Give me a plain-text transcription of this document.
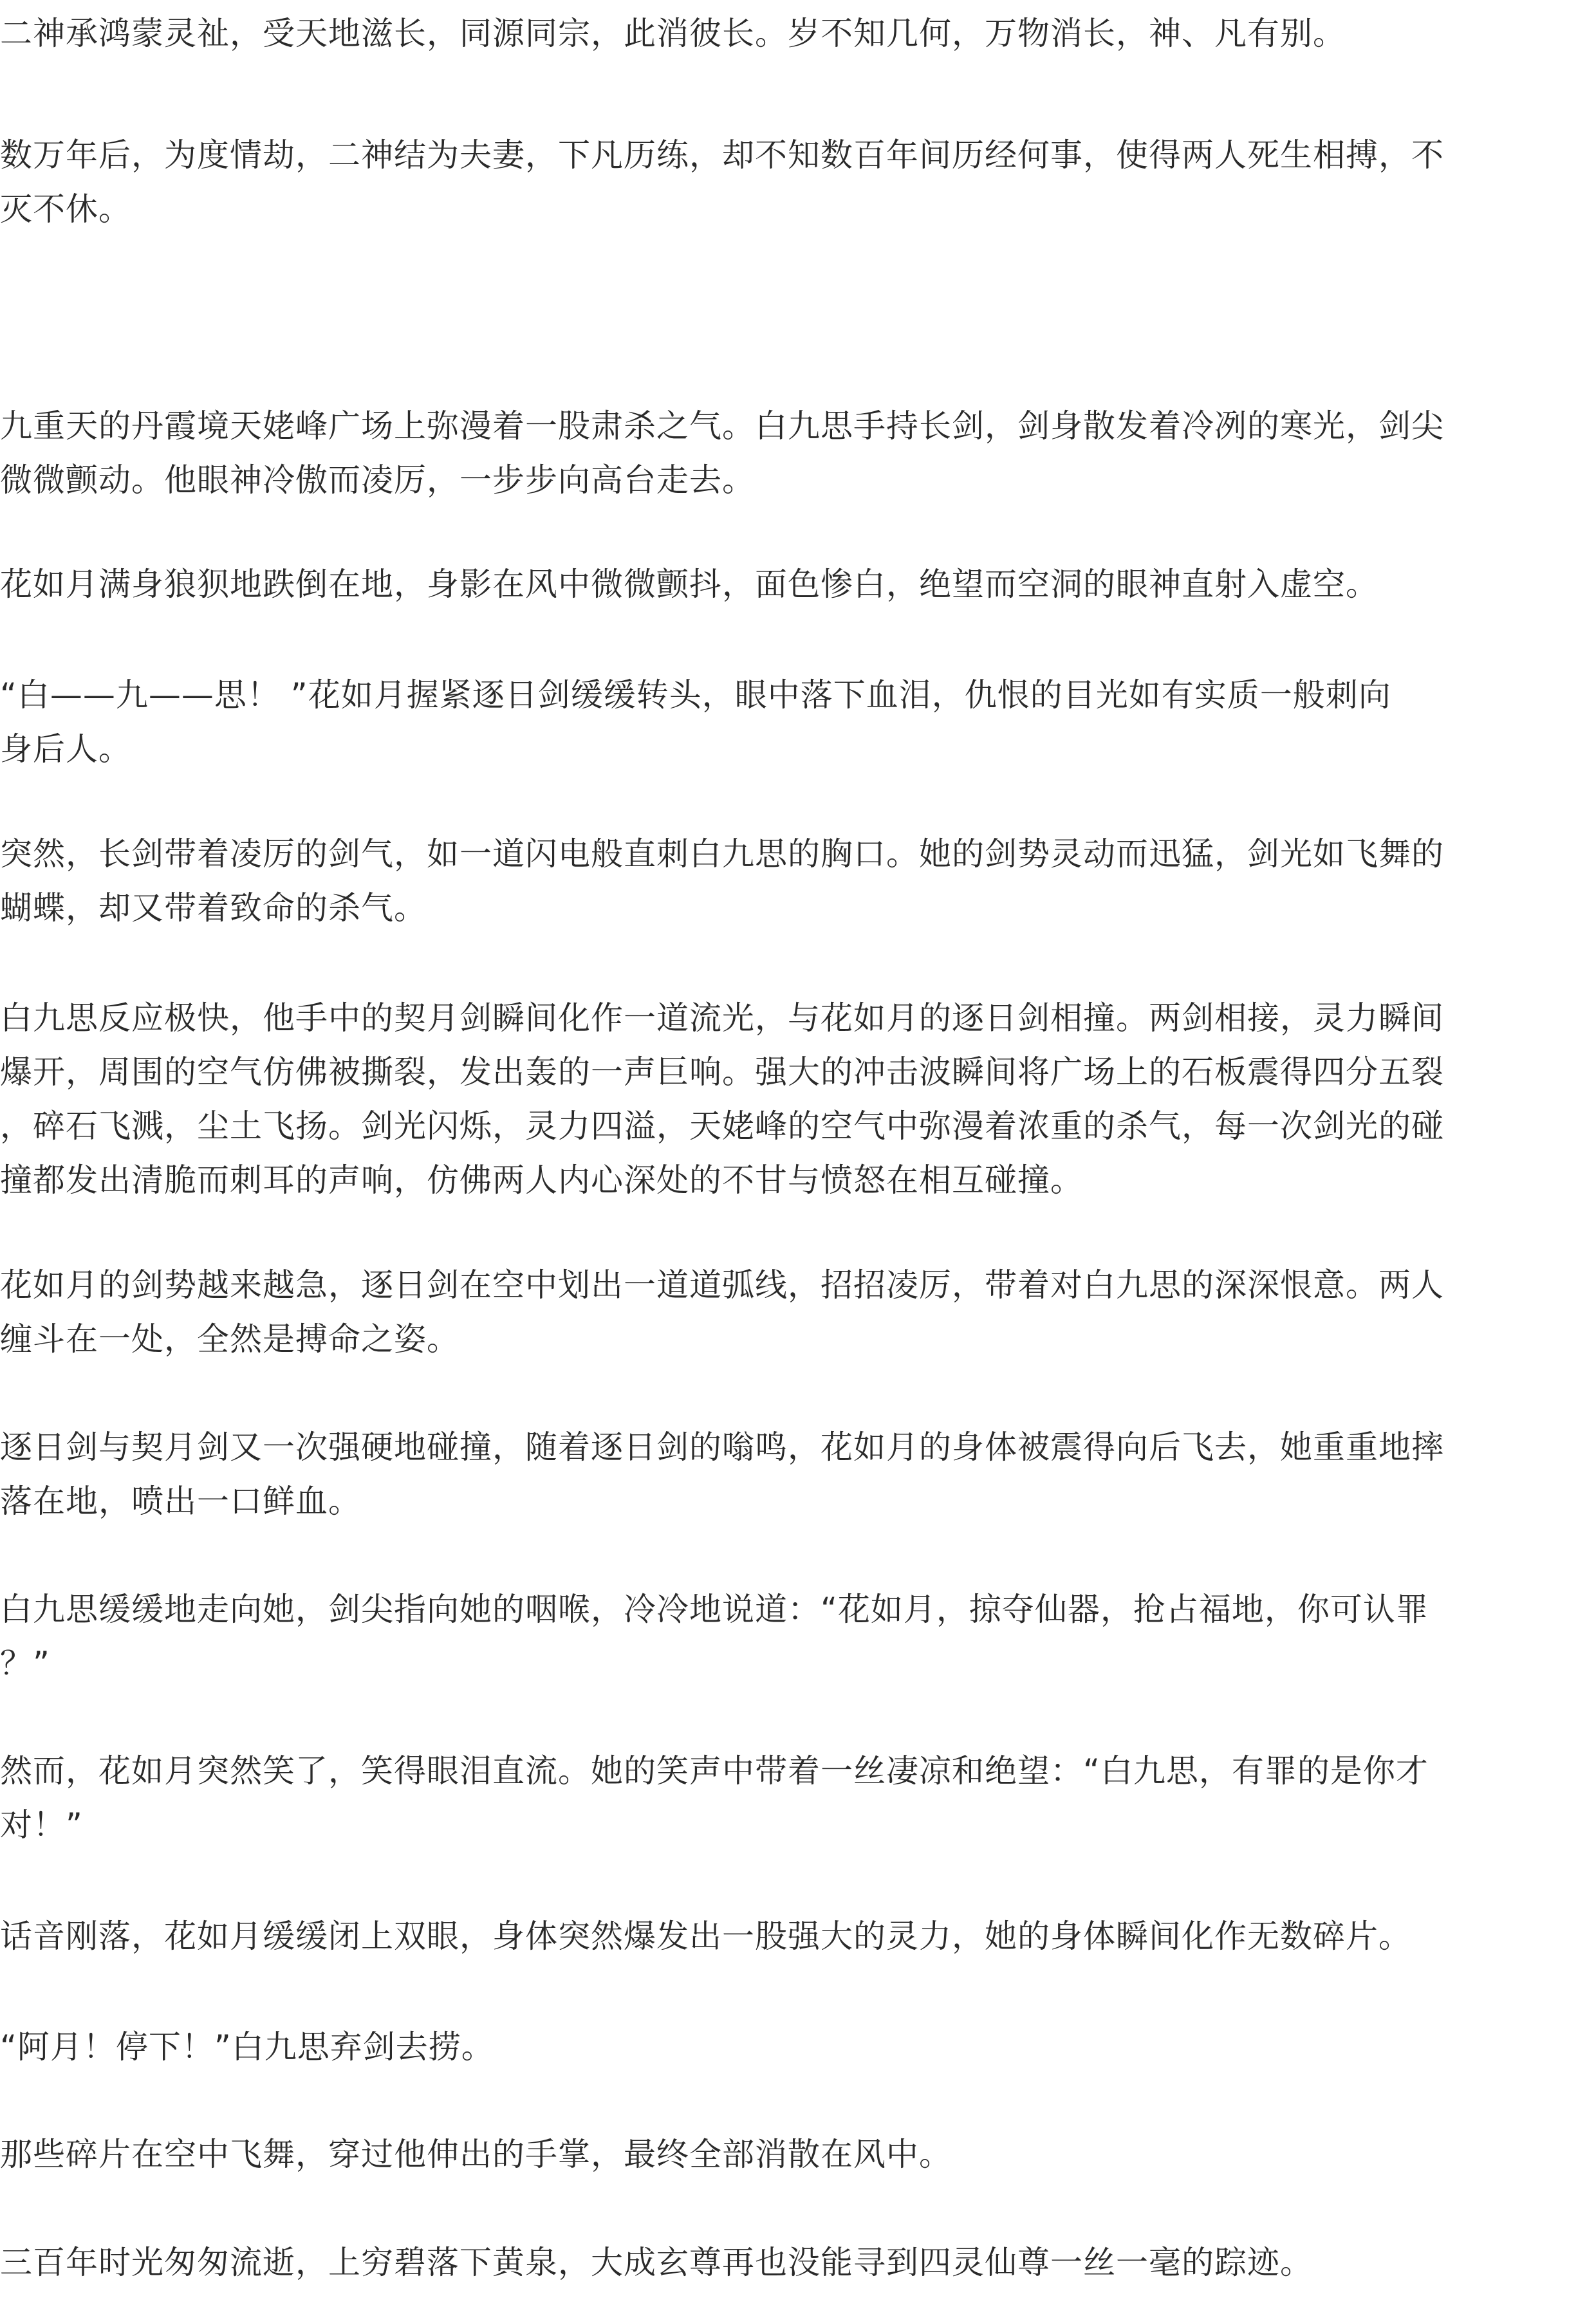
二神承鸿蒙灵祉，受天地滋长，同源同宗，此消彼长。岁不知几何，万物消长，神、凡有别。

数万年后，为度情劫，二神结为夫妻，下凡历练，却不知数百年间历经何事，使得两人死生相搏，不
灭不休。

九重天的丹霞境天姥峰广场上弥漫着一股肃杀之气。白九思手持长剑，剑身散发着冷冽的寒光，剑尖
微微颤动。他眼神冷傲而凌厉，一步步向高台走去。

花如月满身狼狈地跌倒在地，身影在风中微微颤抖，面色惨白，绝望而空洞的眼神直射入虚空。

“白——九——思！ ”花如月握紧逐日剑缓缓转头，眼中落下血泪，仇恨的目光如有实质一般刺向
身后人。

突然，长剑带着凌厉的剑气，如一道闪电般直刺白九思的胸口。她的剑势灵动而迅猛，剑光如飞舞的
蝴蝶，却又带着致命的杀气。

白九思反应极快，他手中的契月剑瞬间化作一道流光，与花如月的逐日剑相撞。两剑相接，灵力瞬间
爆开，周围的空气仿佛被撕裂，发出轰的一声巨响。强大的冲击波瞬间将广场上的石板震得四分五裂
，碎石飞溅，尘土飞扬。剑光闪烁，灵力四溢，天姥峰的空气中弥漫着浓重的杀气，每一次剑光的碰
撞都发出清脆而刺耳的声响，仿佛两人内心深处的不甘与愤怒在相互碰撞。

花如月的剑势越来越急，逐日剑在空中划出一道道弧线，招招凌厉，带着对白九思的深深恨意。两人
缠斗在一处，全然是搏命之姿。

逐日剑与契月剑又一次强硬地碰撞，随着逐日剑的嗡鸣，花如月的身体被震得向后飞去，她重重地摔
落在地，喷出一口鲜血。

白九思缓缓地走向她，剑尖指向她的咽喉，冷冷地说道：“花如月，掠夺仙器，抢占福地，你可认罪
？”

然而，花如月突然笑了，笑得眼泪直流。她的笑声中带着一丝凄凉和绝望：“白九思，有罪的是你才
对！”

话音刚落，花如月缓缓闭上双眼，身体突然爆发出一股强大的灵力，她的身体瞬间化作无数碎片。

“阿月！停下！”白九思弃剑去捞。

那些碎片在空中飞舞，穿过他伸出的手掌，最终全部消散在风中。

三百年时光匆匆流逝，上穷碧落下黄泉，大成玄尊再也没能寻到四灵仙尊一丝一毫的踪迹。
